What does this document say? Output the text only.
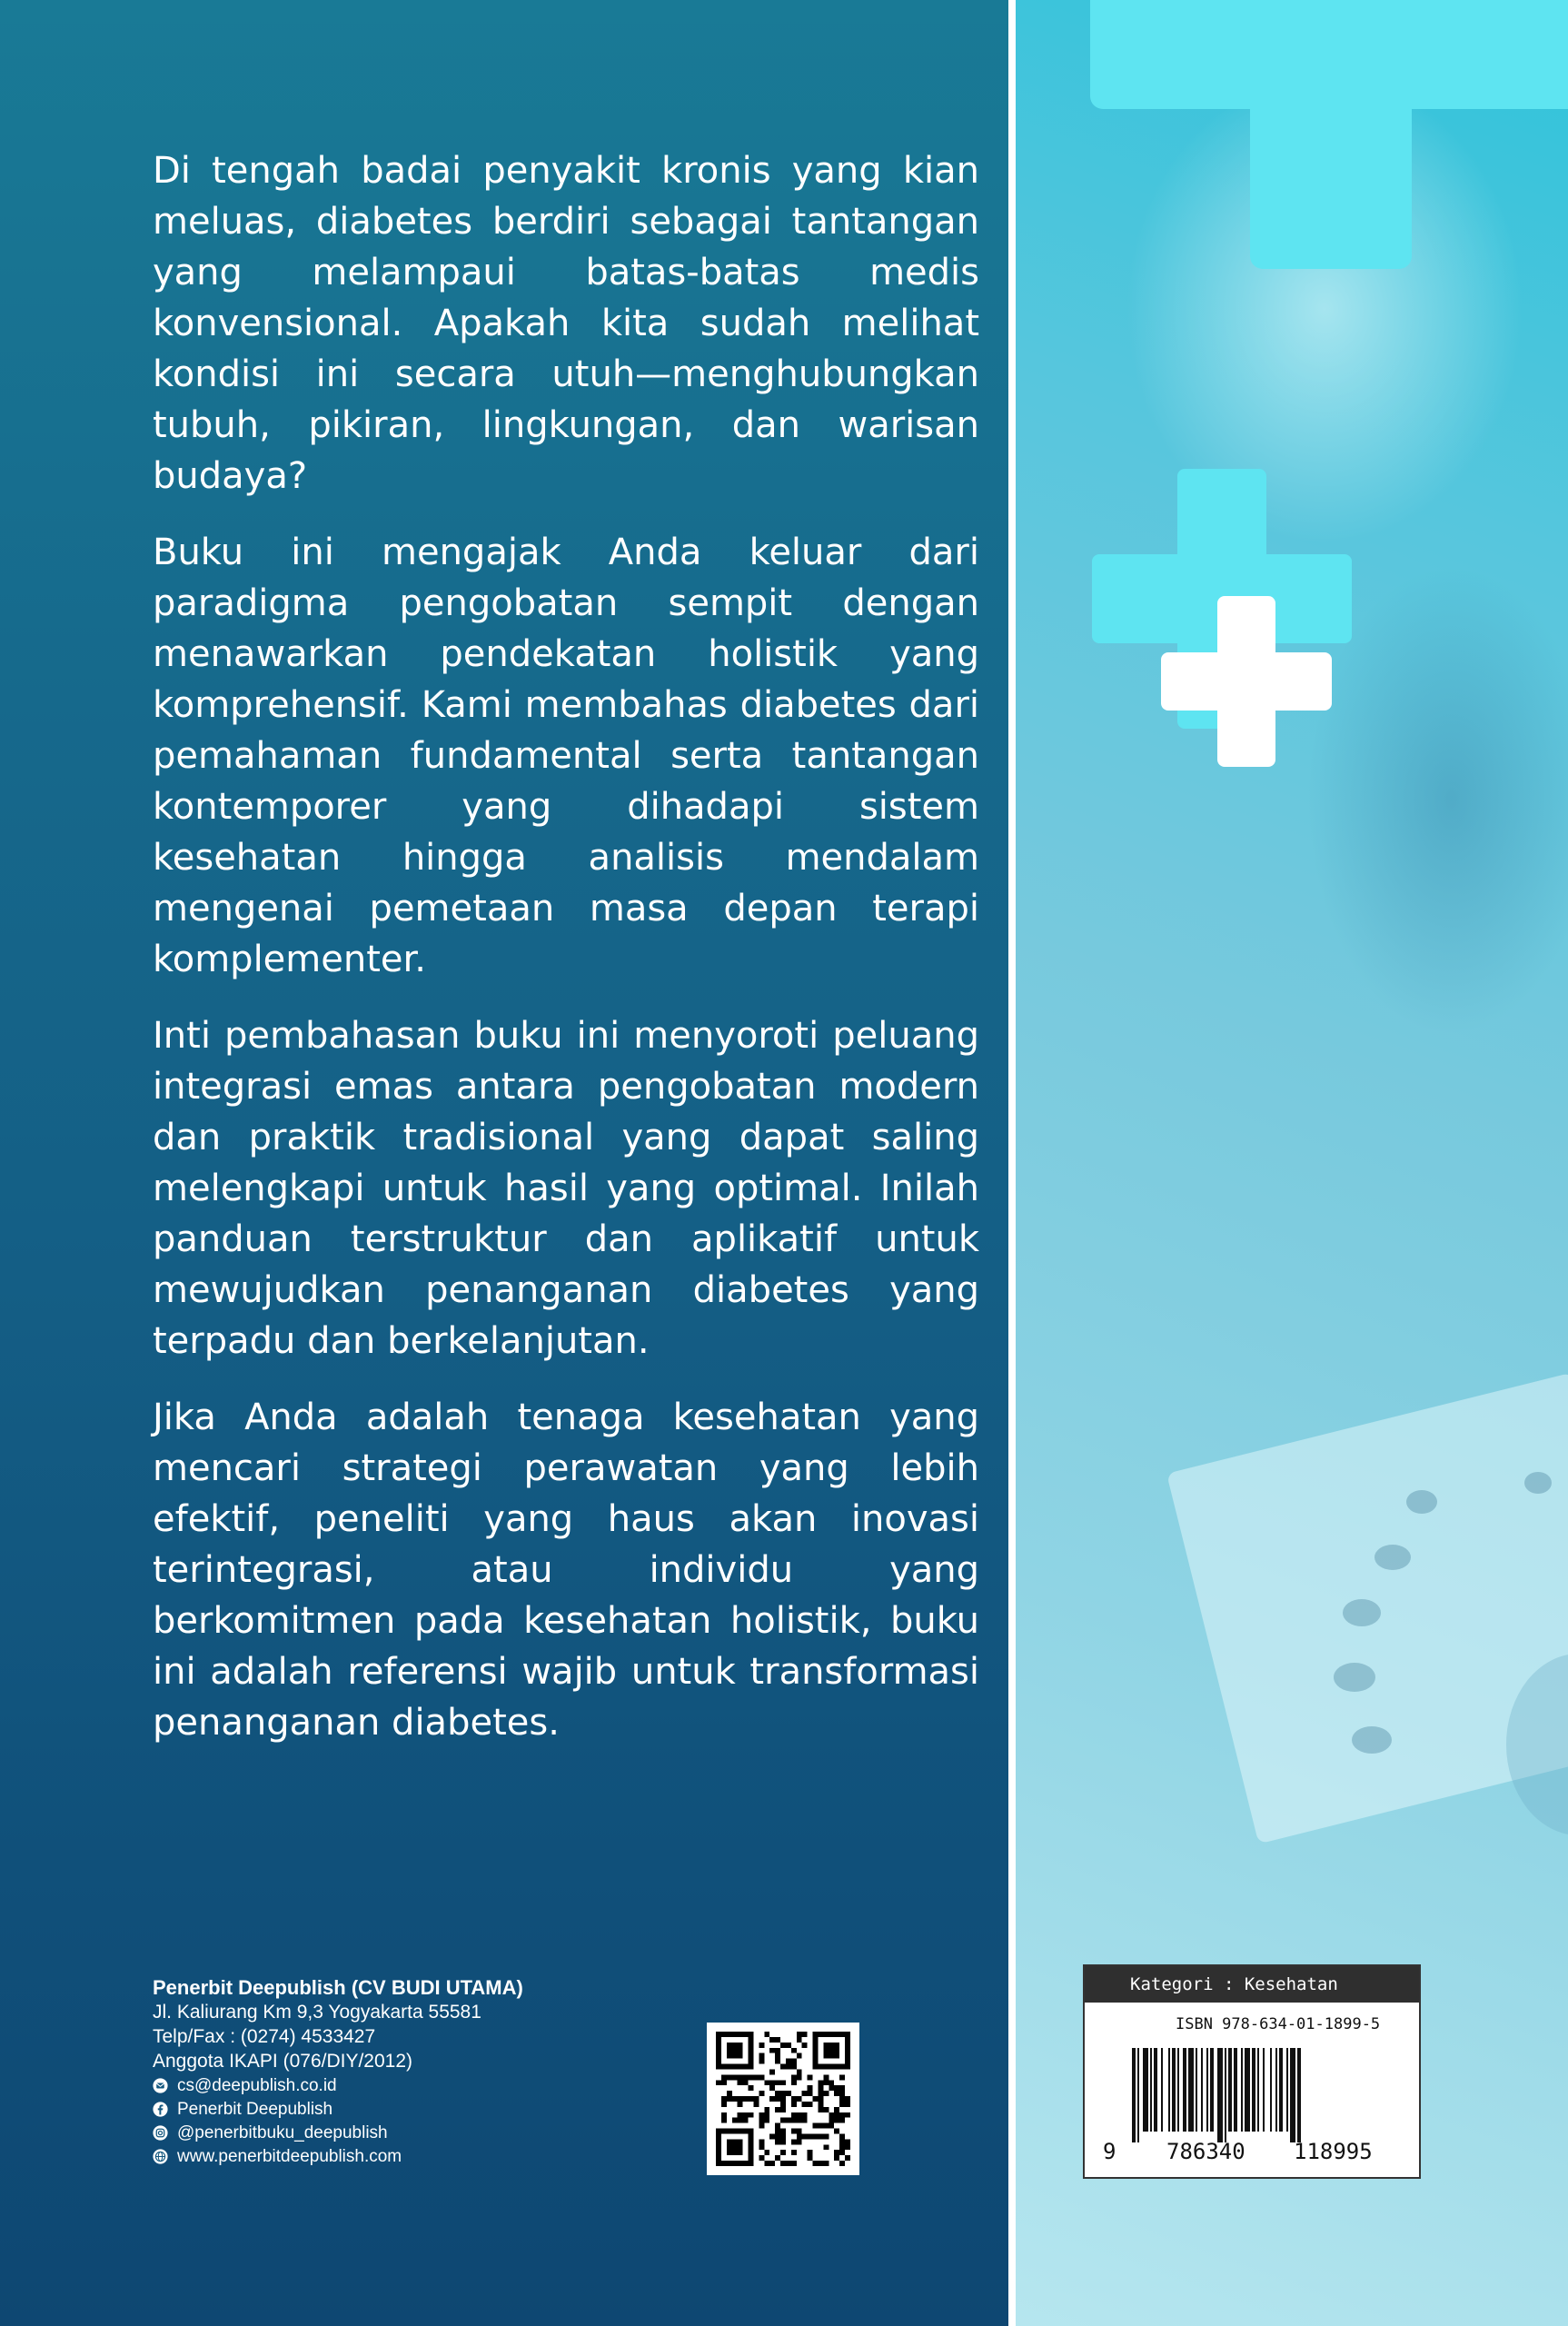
Di tengah badai penyakit kronis yang kian meluas, diabetes berdiri sebagai tantangan yang melampaui batas-batas medis konvensional. Apakah kita sudah melihat kondisi ini secara utuh—menghubungkan tubuh, pikiran, lingkungan, dan warisan budaya?

Buku ini mengajak Anda keluar dari paradigma pengobatan sempit dengan menawarkan pendekatan holistik yang komprehensif. Kami membahas diabetes dari pemahaman fundamental serta tantangan kontemporer yang dihadapi sistem kesehatan hingga analisis mendalam mengenai pemetaan masa depan terapi komplementer.

Inti pembahasan buku ini menyoroti peluang integrasi emas antara pengobatan modern dan praktik tradisional yang dapat saling melengkapi untuk hasil yang optimal. Inilah panduan terstruktur dan aplikatif untuk mewujudkan penanganan diabetes yang terpadu dan berkelanjutan.

Jika Anda adalah tenaga kesehatan yang mencari strategi perawatan yang lebih efektif, peneliti yang haus akan inovasi terintegrasi, atau individu yang berkomitmen pada kesehatan holistik, buku ini adalah referensi wajib untuk transformasi penanganan diabetes.

Penerbit Deepublish (CV BUDI UTAMA)
Jl. Kaliurang Km 9,3 Yogyakarta 55581
Telp/Fax : (0274) 4533427
Anggota IKAPI (076/DIY/2012)
cs@deepublish.co.id
Penerbit Deepublish
@penerbitbuku_deepublish
www.penerbitdeepublish.com
Kategori : Kesehatan
ISBN 978-634-01-1899-5
9 786340 118995
